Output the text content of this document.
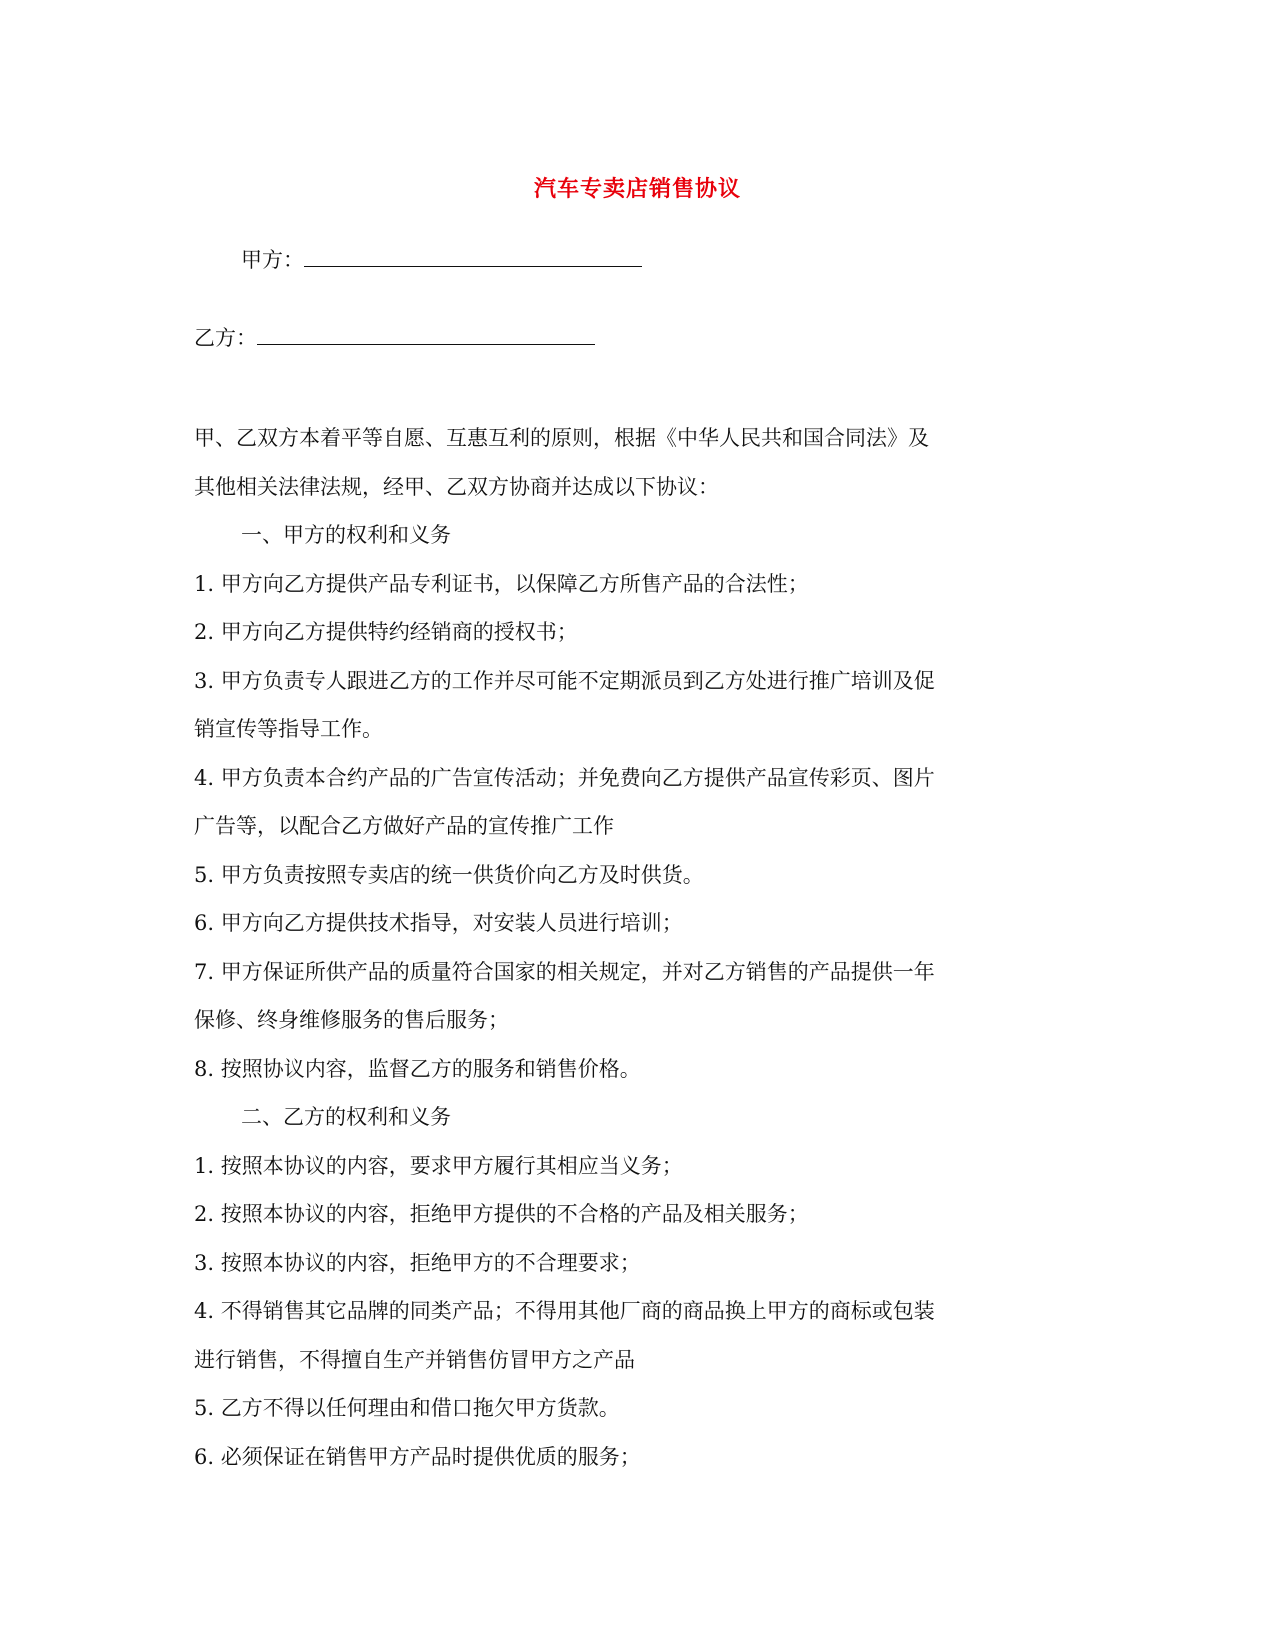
汽车专卖店销售协议
甲方：
乙方：
甲、乙双方本着平等自愿、互惠互利的原则，根据《中华人民共和国合同法》及
其他相关法律法规，经甲、乙双方协商并达成以下协议：
一、甲方的权利和义务
1. 甲方向乙方提供产品专利证书，以保障乙方所售产品的合法性；
2. 甲方向乙方提供特约经销商的授权书；
3. 甲方负责专人跟进乙方的工作并尽可能不定期派员到乙方处进行推广培训及促
销宣传等指导工作。
4. 甲方负责本合约产品的广告宣传活动；并免费向乙方提供产品宣传彩页、图片
广告等，以配合乙方做好产品的宣传推广工作
5. 甲方负责按照专卖店的统一供货价向乙方及时供货。
6. 甲方向乙方提供技术指导，对安装人员进行培训；
7. 甲方保证所供产品的质量符合国家的相关规定，并对乙方销售的产品提供一年
保修、终身维修服务的售后服务；
8. 按照协议内容，监督乙方的服务和销售价格。
二、乙方的权利和义务
1. 按照本协议的内容，要求甲方履行其相应当义务；
2. 按照本协议的内容，拒绝甲方提供的不合格的产品及相关服务；
3. 按照本协议的内容，拒绝甲方的不合理要求；
4. 不得销售其它品牌的同类产品；不得用其他厂商的商品换上甲方的商标或包装
进行销售，不得擅自生产并销售仿冒甲方之产品
5. 乙方不得以任何理由和借口拖欠甲方货款。
6. 必须保证在销售甲方产品时提供优质的服务；
